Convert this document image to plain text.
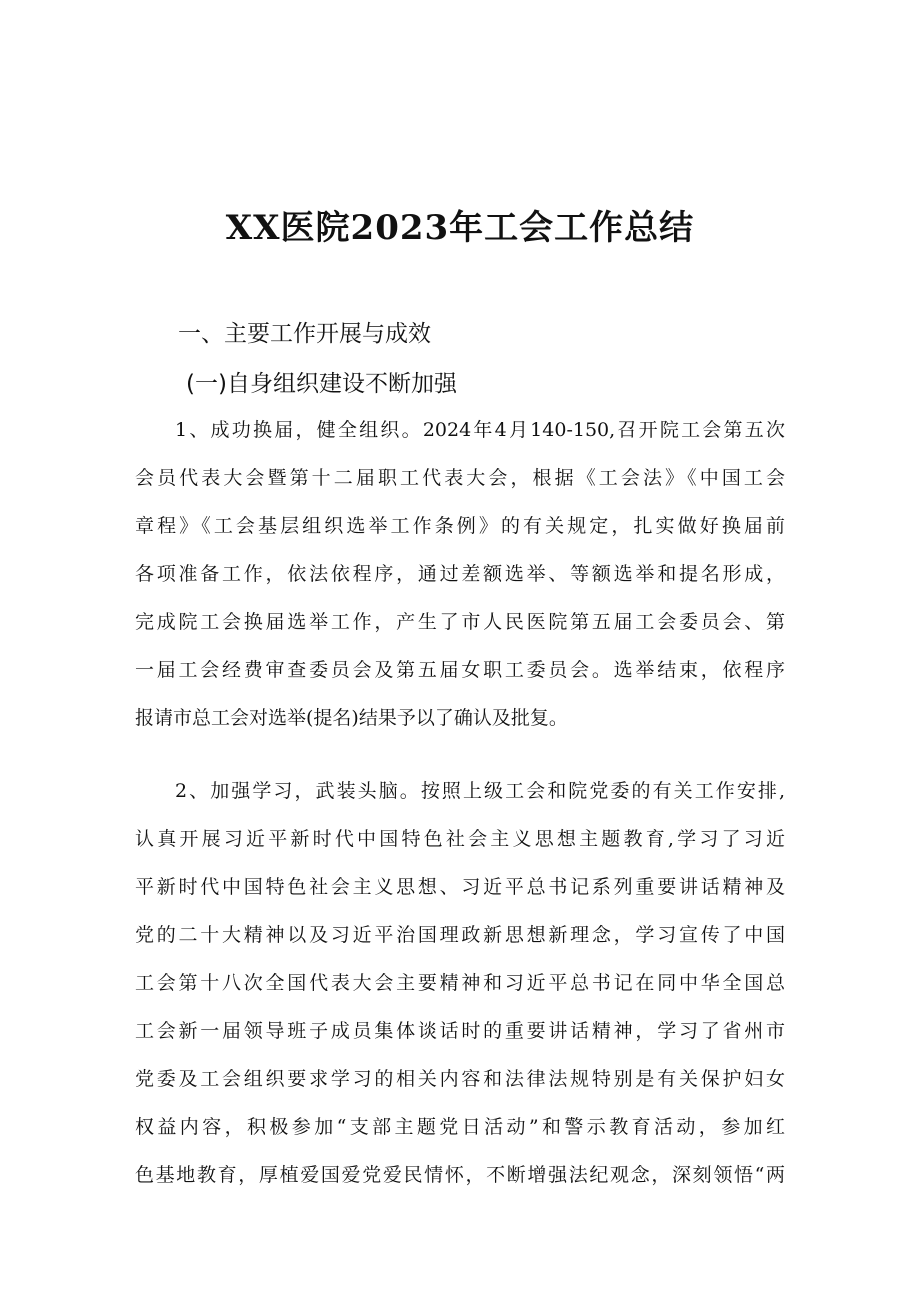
XX医院2023年工会工作总结
一、主要工作开展与成效
(一)自身组织建设不断加强
1、成功换届，健全组织。2024年4月140-150,召开院工会第五次
会员代表大会暨第十二届职工代表大会，根据《工会法》《中国工会
章程》《工会基层组织选举工作条例》的有关规定，扎实做好换届前
各项准备工作，依法依程序，通过差额选举、等额选举和提名形成，
完成院工会换届选举工作，产生了市人民医院第五届工会委员会、第
一届工会经费审查委员会及第五届女职工委员会。选举结束，依程序
报请市总工会对选举(提名)结果予以了确认及批复。
2、加强学习，武装头脑。按照上级工会和院党委的有关工作安排,
认真开展习近平新时代中国特色社会主义思想主题教育,学习了习近
平新时代中国特色社会主义思想、习近平总书记系列重要讲话精神及
党的二十大精神以及习近平治国理政新思想新理念，学习宣传了中国
工会第十八次全国代表大会主要精神和习近平总书记在同中华全国总
工会新一届领导班子成员集体谈话时的重要讲话精神，学习了省州市
党委及工会组织要求学习的相关内容和法律法规特别是有关保护妇女
权益内容，积极参加“支部主题党日活动”和警示教育活动，参加红
色基地教育，厚植爱国爱党爱民情怀，不断增强法纪观念，深刻领悟“两
